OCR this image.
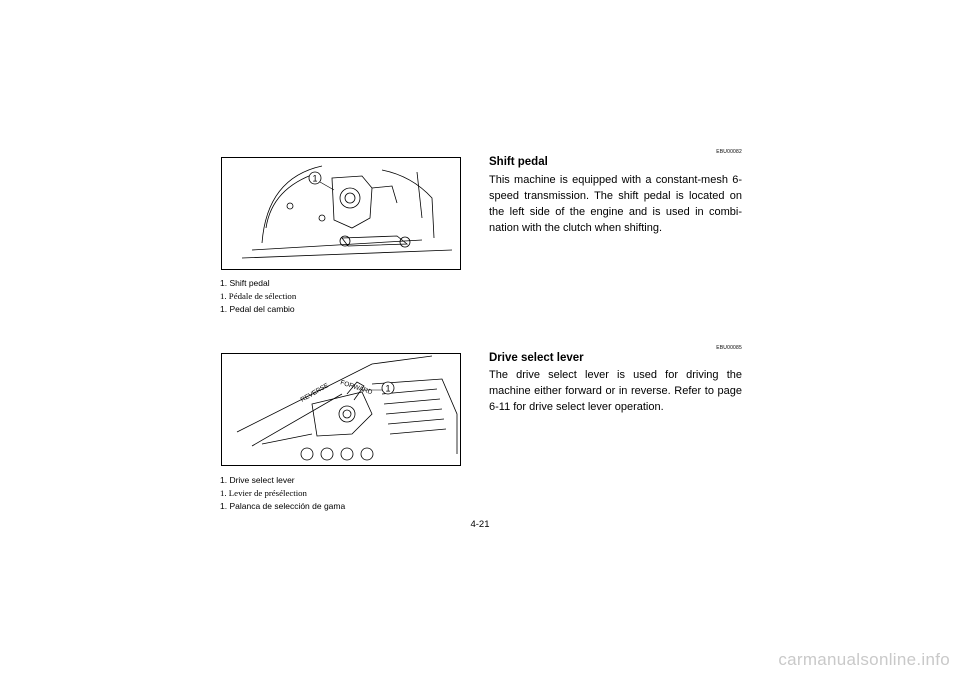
1
1. Shift pedal
1. Pédale de sélection
1. Pedal del cambio
REVERSE FORWARD 1
1. Drive select lever
1. Levier de présélection
1. Palanca de selección de gama
EBU00082
Shift pedal
This machine is equipped with a constant-mesh 6-speed transmission. The shift pedal is located on the left side of the engine and is used in combi-nation with the clutch when shifting.
EBU00085
Drive select lever
The drive select lever is used for driving the machine either forward or in reverse. Refer to page 6-11 for drive select lever operation.
4-21
carmanualsonline.info
